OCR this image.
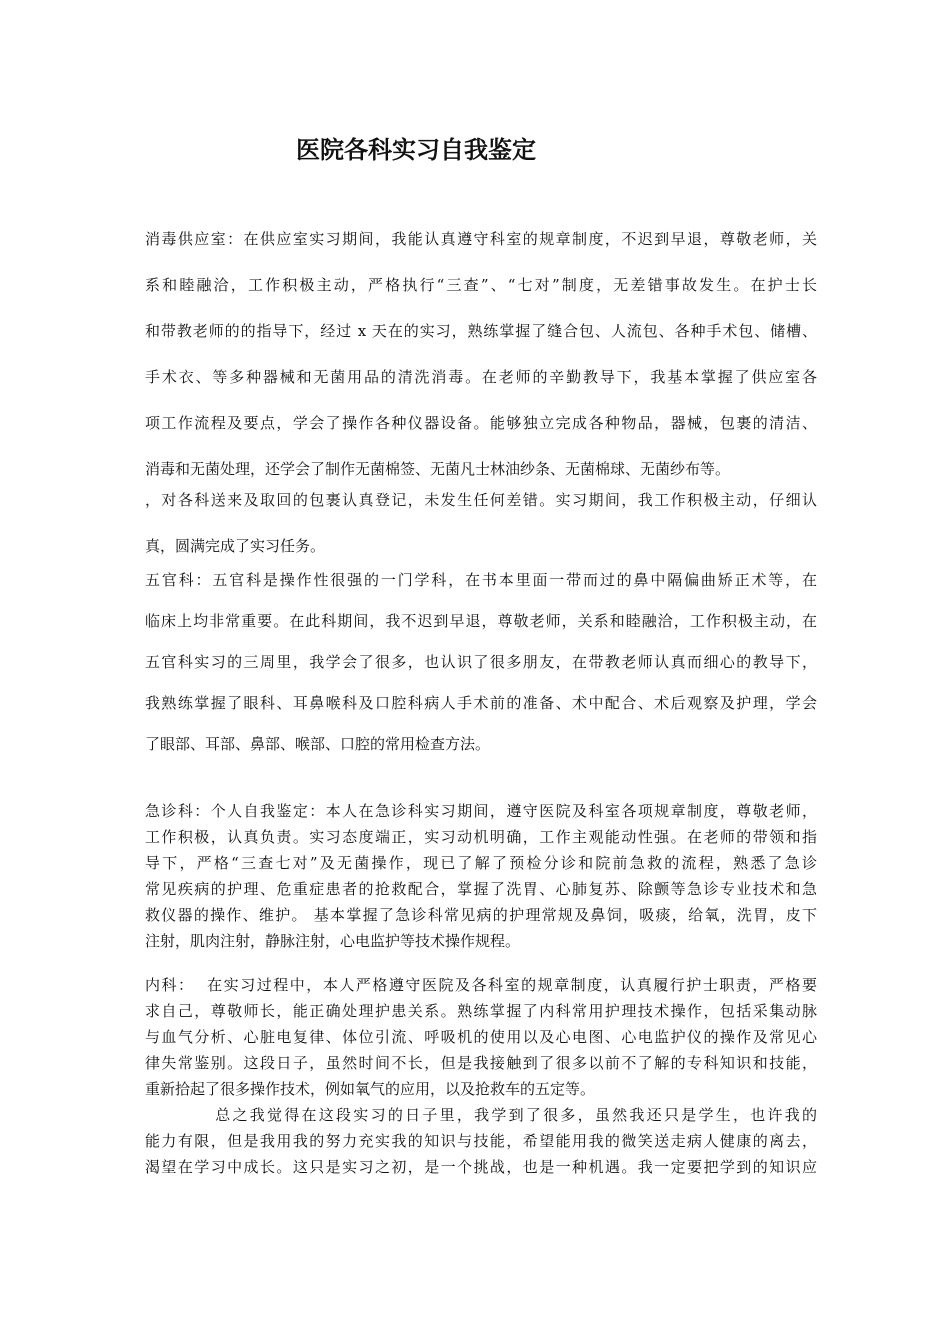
医院各科实习自我鉴定
消毒供应室：在供应室实习期间，我能认真遵守科室的规章制度，不迟到早退，尊敬老师，关
系和睦融洽，工作积极主动，严格执行“三查”、“七对”制度，无差错事故发生。在护士长
和带教老师的的指导下，经过 x 天在的实习，熟练掌握了缝合包、人流包、各种手术包、储槽、
手术衣、等多种器械和无菌用品的清洗消毒。在老师的辛勤教导下，我基本掌握了供应室各
项工作流程及要点，学会了操作各种仪器设备。能够独立完成各种物品，器械，包裹的清洁、
消毒和无菌处理，还学会了制作无菌棉签、无菌凡士林油纱条、无菌棉球、无菌纱布等。
，对各科送来及取回的包裹认真登记，未发生任何差错。实习期间，我工作积极主动，仔细认
真，圆满完成了实习任务。
五官科：五官科是操作性很强的一门学科，在书本里面一带而过的鼻中隔偏曲矫正术等，在
临床上均非常重要。在此科期间，我不迟到早退，尊敬老师，关系和睦融洽，工作积极主动，在
五官科实习的三周里，我学会了很多，也认识了很多朋友，在带教老师认真而细心的教导下，
我熟练掌握了眼科、耳鼻喉科及口腔科病人手术前的准备、术中配合、术后观察及护理，学会
了眼部、耳部、鼻部、喉部、口腔的常用检查方法。
急诊科：个人自我鉴定：本人在急诊科实习期间，遵守医院及科室各项规章制度，尊敬老师，
工作积极，认真负责。实习态度端正，实习动机明确，工作主观能动性强。在老师的带领和指
导下，严格“三查七对”及无菌操作，现已了解了预检分诊和院前急救的流程，熟悉了急诊
常见疾病的护理、危重症患者的抢救配合，掌握了洗胃、心肺复苏、除颤等急诊专业技术和急
救仪器的操作、维护。 基本掌握了急诊科常见病的护理常规及鼻饲，吸痰，给氧，洗胃，皮下
注射，肌肉注射，静脉注射，心电监护等技术操作规程。
内科：  在实习过程中，本人严格遵守医院及各科室的规章制度，认真履行护士职责，严格要
求自己，尊敬师长，能正确处理护患关系。熟练掌握了内科常用护理技术操作，包括采集动脉
与血气分析、心脏电复律、体位引流、呼吸机的使用以及心电图、心电监护仪的操作及常见心
律失常鉴别。这段日子，虽然时间不长，但是我接触到了很多以前不了解的专科知识和技能，
重新拾起了很多操作技术，例如氧气的应用，以及抢救车的五定等。
总之我觉得在这段实习的日子里，我学到了很多，虽然我还只是学生，也许我的
能力有限，但是我用我的努力充实我的知识与技能，希望能用我的微笑送走病人健康的离去，
渴望在学习中成长。这只是实习之初，是一个挑战，也是一种机遇。我一定要把学到的知识应
